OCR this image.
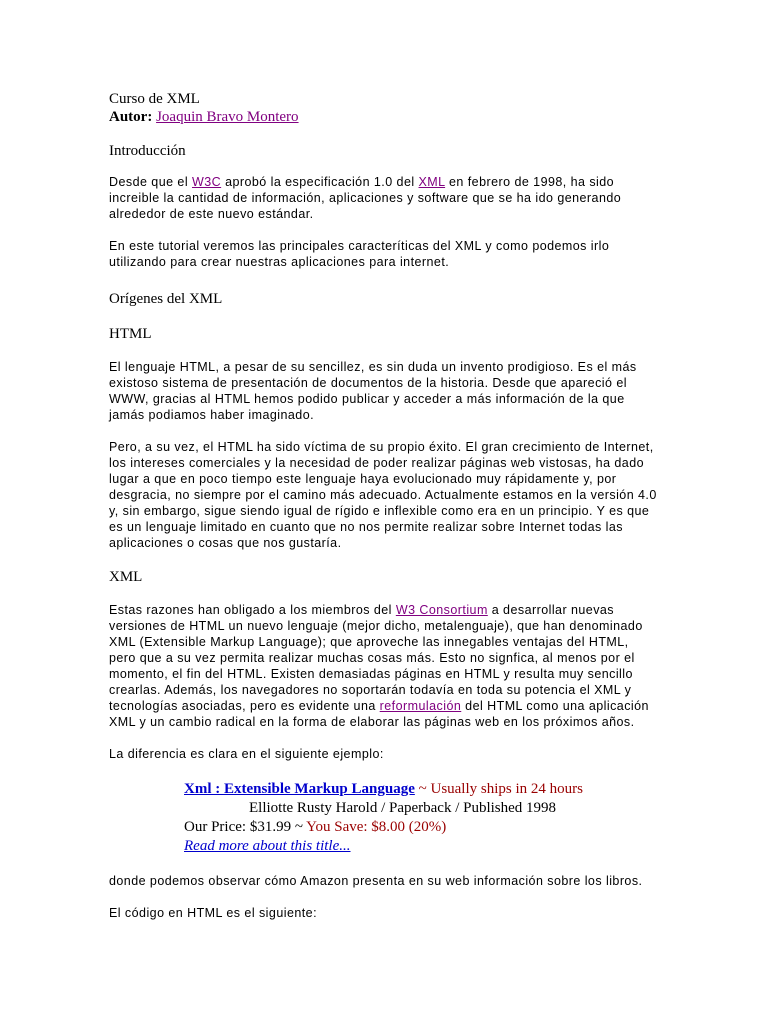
Curso de XML
Autor: Joaquin Bravo Montero

Introducción

Desde que el W3C aprobó la especificación 1.0 del XML en febrero de 1998, ha sido increible la cantidad de información, aplicaciones y software que se ha ido generando alrededor de este nuevo estándar.

En este tutorial veremos las principales caracteríticas del XML y como podemos irlo utilizando para crear nuestras aplicaciones para internet.

Orígenes del XML

HTML

El lenguaje HTML, a pesar de su sencillez, es sin duda un invento prodigioso. Es el más existoso sistema de presentación de documentos de la historia. Desde que apareció el WWW, gracias al HTML hemos podido publicar y acceder a más información de la que jamás podiamos haber imaginado.

Pero, a su vez, el HTML ha sido víctima de su propio éxito. El gran crecimiento de Internet, los intereses comerciales y la necesidad de poder realizar páginas web vistosas, ha dado lugar a que en poco tiempo este lenguaje haya evolucionado muy rápidamente y, por desgracia, no siempre por el camino más adecuado. Actualmente estamos en la versión 4.0 y, sin embargo, sigue siendo igual de rígido e inflexible como era en un principio. Y es que es un lenguaje limitado en cuanto que no nos permite realizar sobre Internet todas las aplicaciones o cosas que nos gustaría.

XML

Estas razones han obligado a los miembros del W3 Consortium a desarrollar nuevas versiones de HTML un nuevo lenguaje (mejor dicho, metalenguaje), que han denominado XML (Extensible Markup Language); que aproveche las innegables ventajas del HTML, pero que a su vez permita realizar muchas cosas más. Esto no signfica, al menos por el momento, el fin del HTML. Existen demasiadas páginas en HTML y resulta muy sencillo crearlas. Además, los navegadores no soportarán todavía en toda su potencia el XML y tecnologías asociadas, pero es evidente una reformulación del HTML como una aplicación XML y un cambio radical en la forma de elaborar las páginas web en los próximos años.

La diferencia es clara en el siguiente ejemplo:

Xml : Extensible Markup Language ~ Usually ships in 24 hours
Elliotte Rusty Harold / Paperback / Published 1998
Our Price: $31.99 ~ You Save: $8.00 (20%)
Read more about this title...

donde podemos observar cómo Amazon presenta en su web información sobre los libros.

El código en HTML es el siguiente:
